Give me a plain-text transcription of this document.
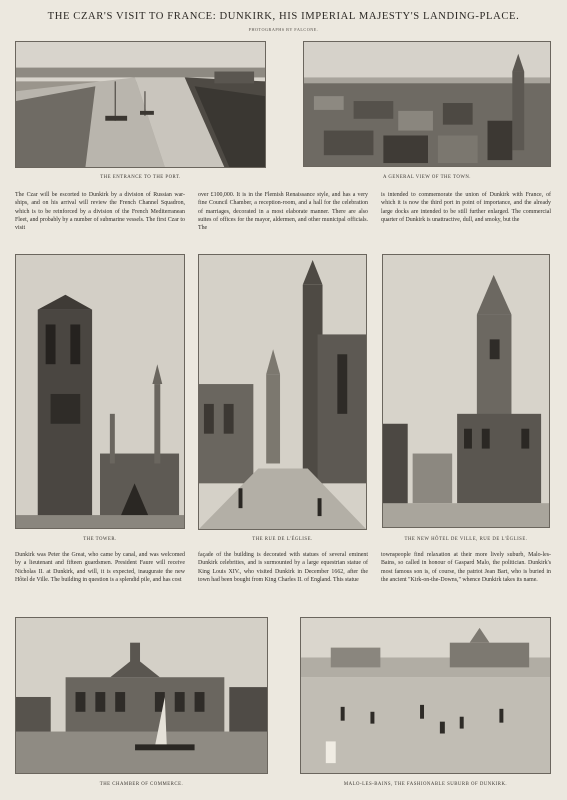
THE CZAR'S VISIT TO FRANCE: DUNKIRK, HIS IMPERIAL MAJESTY'S LANDING-PLACE.
PHOTOGRAPHS BY FALCONE.
THE ENTRANCE TO THE PORT.	A GENERAL VIEW OF THE TOWN.
The Czar will be escorted to Dunkirk by a division of Russian war-ships, and on his arrival will review the French Channel Squadron, which is to be reinforced by a division of the French Mediterranean Fleet, and probably by a number of submarine vessels. The first Czar to visit
over £100,000. It is in the Flemish Renaissance style, and has a very fine Council Chamber, a reception-room, and a hall for the celebration of marriages, decorated in a most elaborate manner. There are also suites of offices for the mayor, aldermen, and other municipal officials. The
is intended to commemorate the union of Dunkirk with France, of which it is now the third port in point of importance, and the already large docks are intended to be still further enlarged. The commercial quarter of Dunkirk is unattractive, dull, and smoky, but the
THE TOWER.	THE RUE DE L'ÉGLISE.	THE NEW HÔTEL DE VILLE, RUE DE L'ÉGLISE.
Dunkirk was Peter the Great, who came by canal, and was welcomed by a lieutenant and fifteen guardsmen. President Faure will receive Nicholas II. at Dunkirk, and will, it is expected, inaugurate the new Hôtel de Ville. The building in question is a splendid pile, and has cost
façade of the building is decorated with statues of several eminent Dunkirk celebrities, and is surmounted by a large equestrian statue of King Louis XIV., who visited Dunkirk in December 1662, after the town had been bought from King Charles II. of England. This statue
townspeople find relaxation at their more lively suburb, Malo-les-Bains, so called in honour of Gaspard Malo, the politician. Dunkirk's most famous son is, of course, the patriot Jean Bart, who is buried in the ancient "Kirk-on-the-Downs," whence Dunkirk takes its name.
THE CHAMBER OF COMMERCE.	MALO-LES-BAINS, THE FASHIONABLE SUBURB OF DUNKIRK.
